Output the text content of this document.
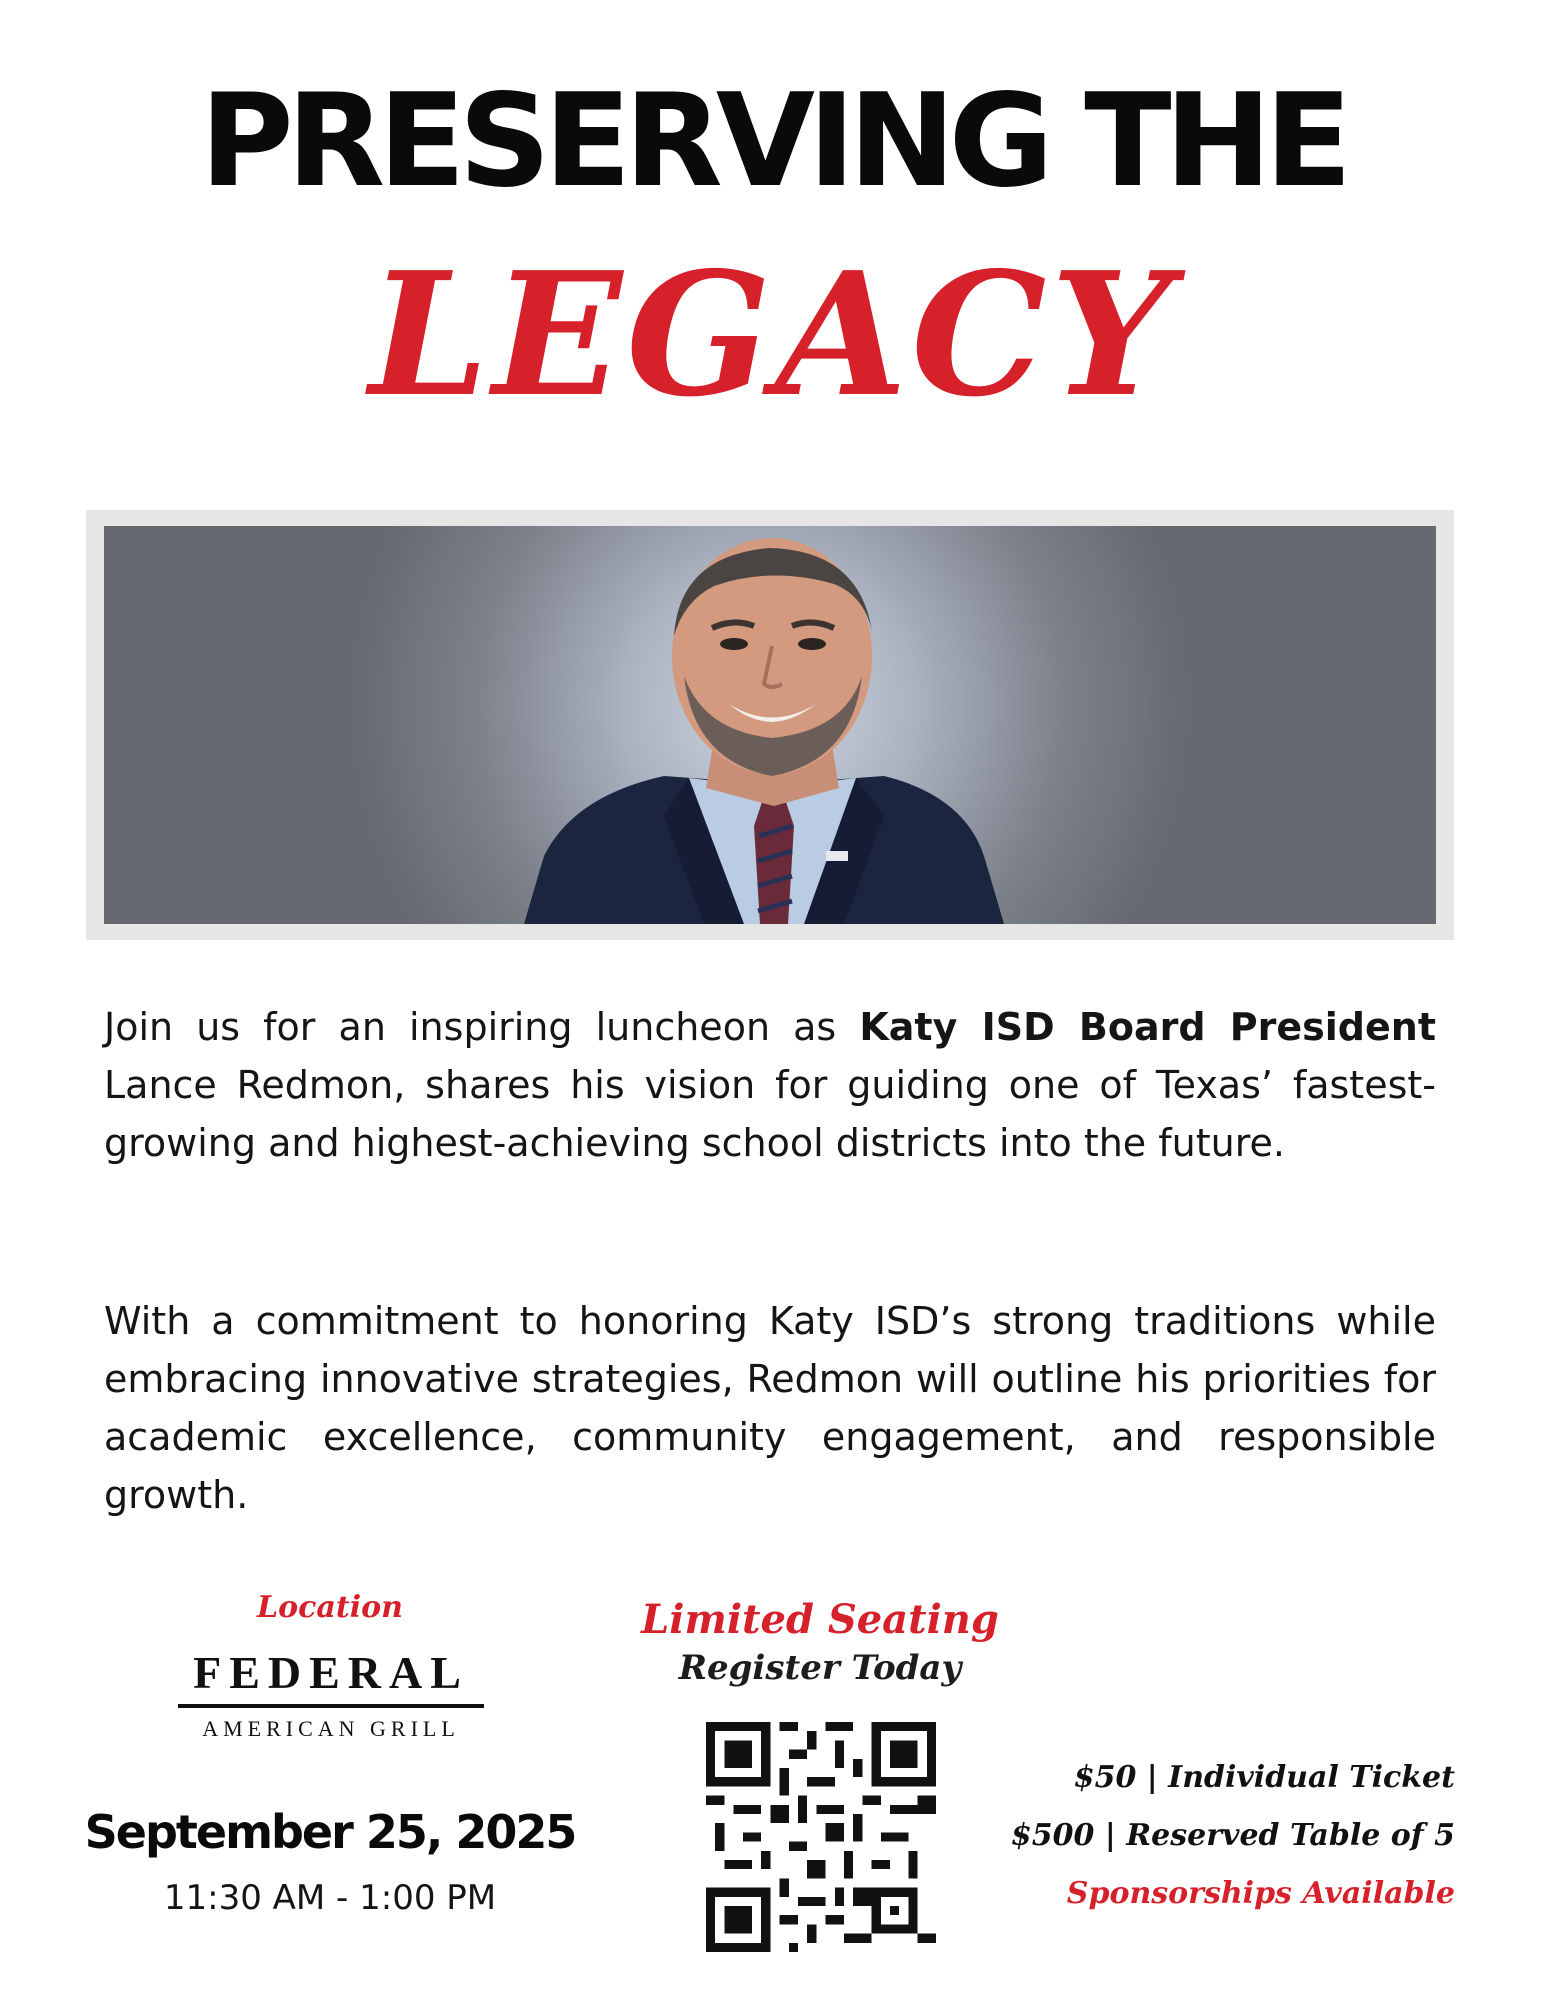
PRESERVING THE
LEGACY
Join us for an inspiring luncheon as Katy ISD Board President Lance Redmon, shares his vision for guiding one of Texas’ fastest-growing and highest-achieving school districts into the future.
With a commitment to honoring Katy ISD’s strong traditions while embracing innovative strategies, Redmon will outline his priorities for academic excellence, community engagement, and responsible growth.
Location
FEDERAL
AMERICAN GRILL
September 25, 2025
11:30 AM - 1:00 PM
Limited Seating
Register Today
$50 | Individual Ticket
$500 | Reserved Table of 5
Sponsorships Available
